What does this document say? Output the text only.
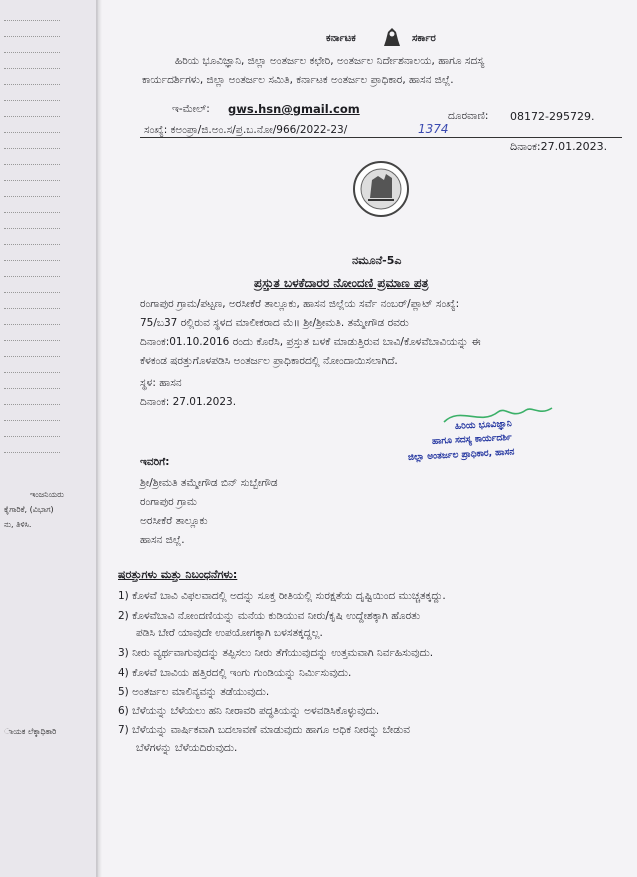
ಇಂಜನಿಯರು
ಕೈಗಾರಿಕೆ, (ವಿಭಾಗ)
ನು, ತಿಳಿಸಿ.
ಾಯಕ ಲೆಕ್ಕಾಧಿಕಾರಿ
ಕರ್ನಾಟಕ	ಸರ್ಕಾರ
ಹಿರಿಯ ಭೂವಿಜ್ಞಾನಿ, ಜಿಲ್ಲಾ ಅಂತರ್ಜಲ ಕಛೇರಿ, ಅಂತರ್ಜಲ ನಿರ್ದೇಶನಾಲಯ, ಹಾಗೂ ಸದಸ್ಯ
ಕಾರ್ಯದರ್ಶಿಗಳು, ಜಿಲ್ಲಾ ಅಂತರ್ಜಲ ಸಮಿತಿ, ಕರ್ನಾಟಕ ಅಂತರ್ಜಲ ಪ್ರಾಧಿಕಾರ, ಹಾಸನ ಜಿಲ್ಲೆ.
ಇ-ಮೇಲ್: gws.hsn@gmail.com	ದೂರವಾಣಿ: 08172-295729.
ಸಂಖ್ಯೆ: ಕಅಂಪ್ರಾ/ಜಿ.ಅಂ.ಸ/ಪ್ರ.ಬ.ನೋ/966/2022-23/	1374
ದಿನಾಂಕ:27.01.2023.
ನಮೂನೆ-5ಎ
ಪ್ರಸ್ತುತ ಬಳಕೆದಾರರ ನೋಂದಣಿ ಪ್ರಮಾಣ ಪತ್ರ
ರಂಗಾಪುರ ಗ್ರಾಮ/ಪಟ್ಟಣ, ಅರಸೀಕೆರೆ ತಾಲ್ಲೂಕು, ಹಾಸನ ಜಿಲ್ಲೆಯ ಸರ್ವೆ ನಂಬರ್/ಪ್ಲಾಟ್ ಸಂಖ್ಯೆ:
75/ಬ37 ರಲ್ಲಿರುವ ಸ್ಥಳದ ಮಾಲೀಕರಾದ ಮೆ॥ ಶ್ರೀ/ಶ್ರೀಮತಿ. ತಮ್ಮೇಗೌಡ ರವರು
ದಿನಾಂಕ:01.10.2016 ರಂದು ಕೊರೆಸಿ, ಪ್ರಸ್ತುತ ಬಳಕೆ ಮಾಡುತ್ತಿರುವ ಬಾವಿ/ಕೊಳವೆಬಾವಿಯನ್ನು ಈ
ಕೆಳಕಂಡ ಷರತ್ತುಗೊಳಪಡಿಸಿ ಅಂತರ್ಜಲ ಪ್ರಾಧಿಕಾರದಲ್ಲಿ ನೋಂದಾಯಿಸಲಾಗಿದೆ.
ಸ್ಥಳ: ಹಾಸನ
ದಿನಾಂಕ: 27.01.2023.
ಹಿರಿಯ ಭೂವಿಜ್ಞಾನಿ
ಹಾಗೂ ಸದಸ್ಯ ಕಾರ್ಯದರ್ಶಿ
ಜಿಲ್ಲಾ ಅಂತರ್ಜಲ ಪ್ರಾಧಿಕಾರ, ಹಾಸನ
ಇವರಿಗೆ:
ಶ್ರೀ/ಶ್ರೀಮತಿ ತಮ್ಮೇಗೌಡ ಬಿನ್ ಸುಬ್ಬೇಗೌಡ
ರಂಗಾಪುರ ಗ್ರಾಮ
ಅರಸೀಕೆರೆ ತಾಲ್ಲೂಕು
ಹಾಸನ ಜಿಲ್ಲೆ.
ಷರತ್ತುಗಳು ಮತ್ತು ನಿಬಂಧನೆಗಳು:
1) ಕೊಳವೆ ಬಾವಿ ವಿಫಲವಾದಲ್ಲಿ ಅದನ್ನು ಸೂಕ್ತ ರೀತಿಯಲ್ಲಿ ಸುರಕ್ಷತೆಯ ದೃಷ್ಟಿಯಿಂದ ಮುಚ್ಚತಕ್ಕದ್ದು.
2) ಕೊಳವೆಬಾವಿ ನೋಂದಣಿಯನ್ನು ಮನೆಯ ಕುಡಿಯುವ ನೀರು/ಕೃಷಿ ಉದ್ದೇಶಕ್ಕಾಗಿ ಹೊರತು
ಪಡಿಸಿ ಬೇರೆ ಯಾವುದೇ ಉಪಯೋಗಕ್ಕಾಗಿ ಬಳಸತಕ್ಕದ್ದಲ್ಲ.
3) ನೀರು ವ್ಯರ್ಥವಾಗುವುದನ್ನು ತಪ್ಪಿಸಲು ನೀರು ತೆಗೆಯುವುದನ್ನು ಉತ್ತಮವಾಗಿ ನಿರ್ವಹಿಸುವುದು.
4) ಕೊಳವೆ ಬಾವಿಯ ಹತ್ತಿರದಲ್ಲಿ ಇಂಗು ಗುಂಡಿಯನ್ನು ನಿರ್ಮಿಸುವುದು.
5) ಅಂತರ್ಜಲ ಮಾಲಿನ್ಯವನ್ನು ತಡೆಯುವುದು.
6) ಬೆಳೆಯನ್ನು ಬೆಳೆಯಲು ಹನಿ ನೀರಾವರಿ ಪದ್ಧತಿಯನ್ನು ಅಳವಡಿಸಿಕೊಳ್ಳುವುದು.
7) ಬೆಳೆಯನ್ನು ವಾರ್ಷಿಕವಾಗಿ ಬದಲಾವಣೆ ಮಾಡುವುದು ಹಾಗೂ ಅಧಿಕ ನೀರನ್ನು ಬೇಡುವ
ಬೆಳೆಗಳನ್ನು ಬೆಳೆಯದಿರುವುದು.
